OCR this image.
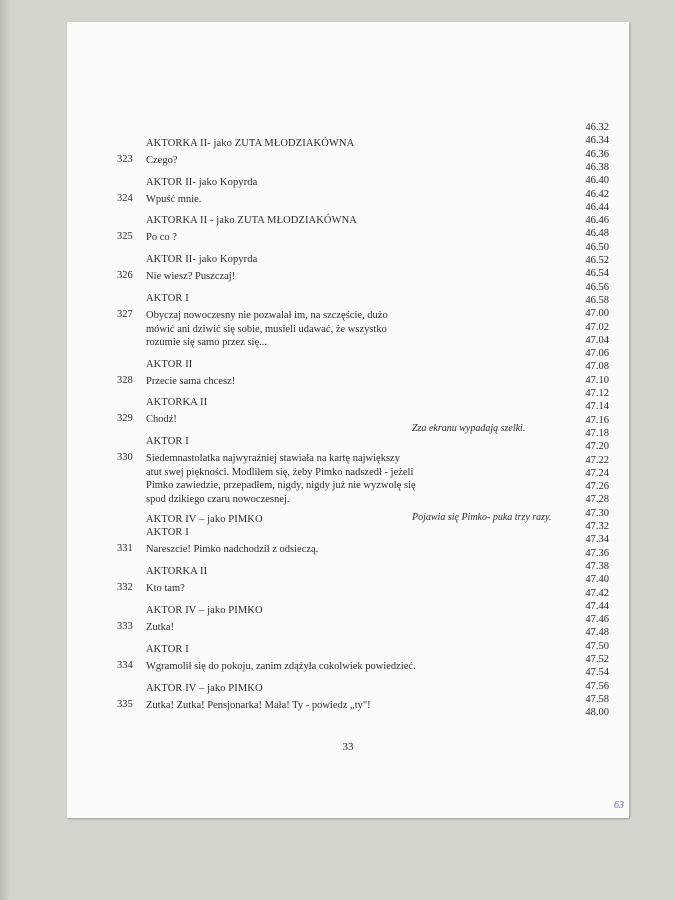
AKTORKA II- jako ZUTA MŁODZIAKÓWNA
323	Czego?
AKTOR II- jako Kopyrda
324	Wpuść mnie.
AKTORKA II - jako ZUTA MŁODZIAKÓWNA
325	Po co ?
AKTOR II- jako Kopyrda
326	Nie wiesz? Puszczaj!
AKTOR I
327	Obyczaj nowoczesny nie pozwalał im, na szczęście, dużo
mówić ani dziwić się sobie, musieli udawać, że wszystko
rozumie się samo przez się...
AKTOR II
328	Przecie sama chcesz!
AKTORKA II
329	Chodź!
AKTOR I
330	Siedemnastolatka najwyraźniej stawiała na kartę największy
atut swej piękności. Modliłem się, żeby Pimko nadszedł - jeżeli
Pimko zawiedzie, przepadłem, nigdy, nigdy już nie wyzwolę się
spod dzikiego czaru nowoczesnej.
AKTOR IV – jako PIMKO
AKTOR I
331	Nareszcie! Pimko nadchodził z odsieczą.
AKTORKA II
332	Kto tam?
AKTOR IV – jako PIMKO
333	Zutka!
AKTOR I
334	Wgramolił się do pokoju, zanim zdążyła cokolwiek powiedzieć.
AKTOR IV – jako PIMKO
335	Zutka! Zutka! Pensjonarka! Mała! Ty - powiedz „ty"!
Zza ekranu wypadają szelki.
Pojawia się Pimko- puka trzy razy.
46.32
46.34
46.36
46.38
46.40
46.42
46.44
46.46
46.48
46.50
46.52
46.54
46.56
46.58
47.00
47.02
47.04
47.06
47.08
47.10
47.12
47.14
47.16
47.18
47.20
47.22
47.24
47.26
47.28
47.30
47.32
47.34
47.36
47.38
47.40
47.42
47.44
47.46
47.48
47.50
47.52
47.54
47.56
47.58
48.00
33
63
